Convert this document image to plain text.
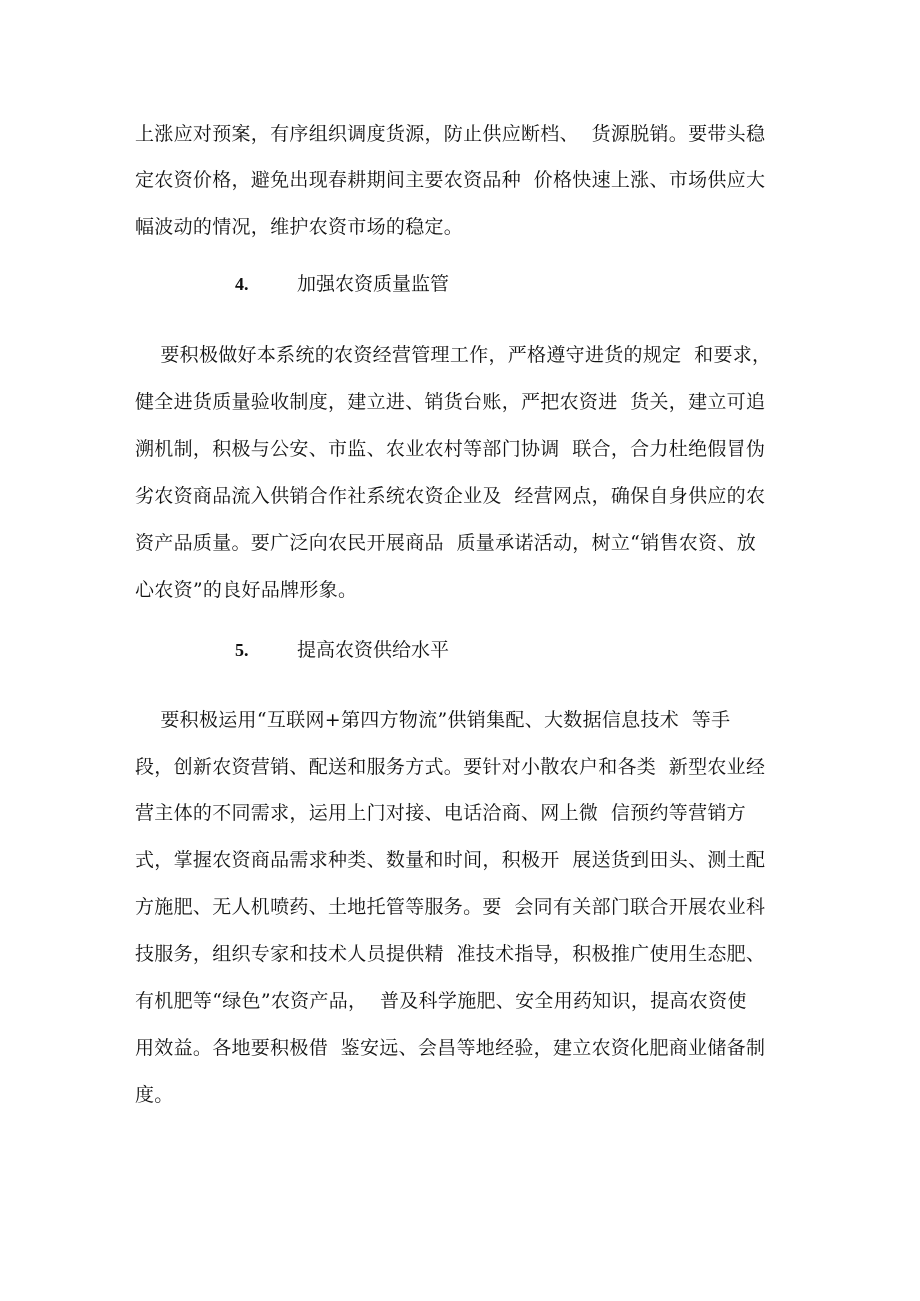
上涨应对预案，有序组织调度货源，防止供应断档、  货源脱销。要带头稳
定农资价格，避免出现春耕期间主要农资品种  价格快速上涨、市场供应大
幅波动的情况，维护农资市场的稳定。
4.	加强农资质量监管
要积极做好本系统的农资经营管理工作，严格遵守进货的规定  和要求，
健全进货质量验收制度，建立进、销货台账，严把农资进  货关，建立可追
溯机制，积极与公安、市监、农业农村等部门协调  联合，合力杜绝假冒伪
劣农资商品流入供销合作社系统农资企业及  经营网点，确保自身供应的农
资产品质量。要广泛向农民开展商品  质量承诺活动，树立“销售农资、放
心农资”的良好品牌形象。
5.	提高农资供给水平
要积极运用“互联网+第四方物流”供销集配、大数据信息技术  等手
段，创新农资营销、配送和服务方式。要针对小散农户和各类  新型农业经
营主体的不同需求，运用上门对接、电话洽商、网上微  信预约等营销方
式，掌握农资商品需求种类、数量和时间，积极开  展送货到田头、测土配
方施肥、无人机喷药、土地托管等服务。要  会同有关部门联合开展农业科
技服务，组织专家和技术人员提供精  准技术指导，积极推广使用生态肥、
有机肥等“绿色”农资产品，  普及科学施肥、安全用药知识，提高农资使
用效益。各地要积极借  鉴安远、会昌等地经验，建立农资化肥商业储备制
度。
